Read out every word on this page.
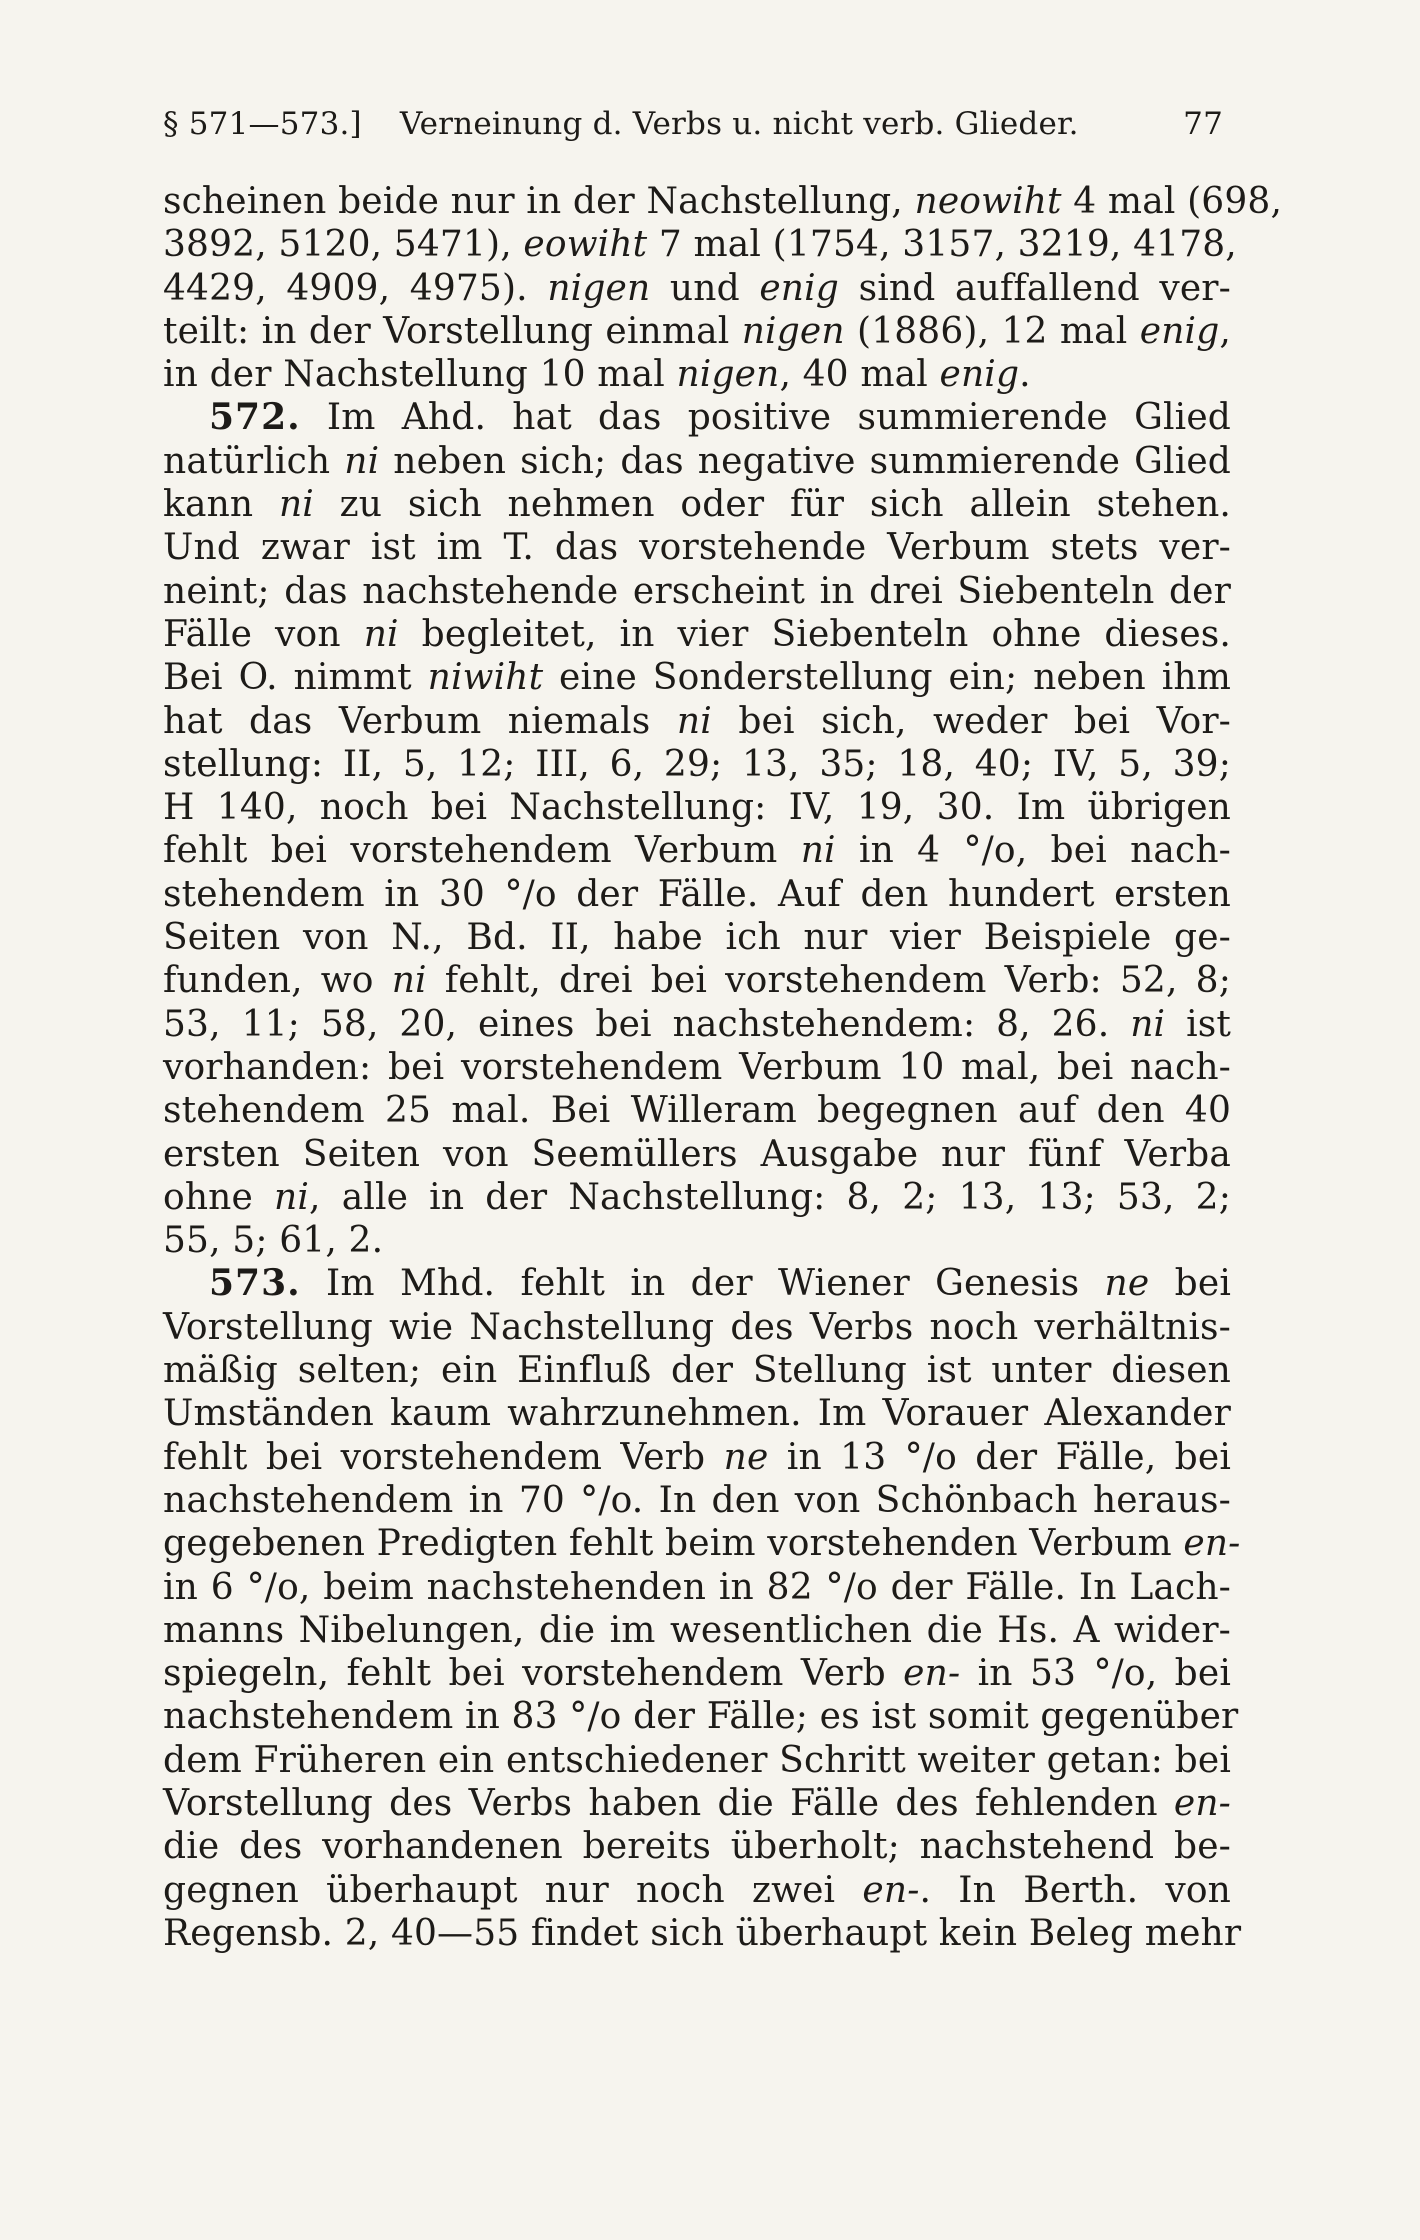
§ 571—573.]	Verneinung d. Verbs u. nicht verb. Glieder.	77
scheinen beide nur in der Nachstellung, neowiht 4 mal (698,
3892, 5120, 5471), eowiht 7 mal (1754, 3157, 3219, 4178,
4429, 4909, 4975). nigen und enig sind auffallend ver-
teilt: in der Vorstellung einmal nigen (1886), 12 mal enig,
in der Nachstellung 10 mal nigen, 40 mal enig.
572. Im Ahd. hat das positive summierende Glied
natürlich ni neben sich; das negative summierende Glied
kann ni zu sich nehmen oder für sich allein stehen.
Und zwar ist im T. das vorstehende Verbum stets ver-
neint; das nachstehende erscheint in drei Siebenteln der
Fälle von ni begleitet, in vier Siebenteln ohne dieses.
Bei O. nimmt niwiht eine Sonderstellung ein; neben ihm
hat das Verbum niemals ni bei sich, weder bei Vor-
stellung: II, 5, 12; III, 6, 29; 13, 35; 18, 40; IV, 5, 39;
H 140, noch bei Nachstellung: IV, 19, 30. Im übrigen
fehlt bei vorstehendem Verbum ni in 4 °/o, bei nach-
stehendem in 30 °/o der Fälle. Auf den hundert ersten
Seiten von N., Bd. II, habe ich nur vier Beispiele ge-
funden, wo ni fehlt, drei bei vorstehendem Verb: 52, 8;
53, 11; 58, 20, eines bei nachstehendem: 8, 26. ni ist
vorhanden: bei vorstehendem Verbum 10 mal, bei nach-
stehendem 25 mal. Bei Willeram begegnen auf den 40
ersten Seiten von Seemüllers Ausgabe nur fünf Verba
ohne ni, alle in der Nachstellung: 8, 2; 13, 13; 53, 2;
55, 5; 61, 2.
573. Im Mhd. fehlt in der Wiener Genesis ne bei
Vorstellung wie Nachstellung des Verbs noch verhältnis-
mäßig selten; ein Einfluß der Stellung ist unter diesen
Umständen kaum wahrzunehmen. Im Vorauer Alexander
fehlt bei vorstehendem Verb ne in 13 °/o der Fälle, bei
nachstehendem in 70 °/o. In den von Schönbach heraus-
gegebenen Predigten fehlt beim vorstehenden Verbum en-
in 6 °/o, beim nachstehenden in 82 °/o der Fälle. In Lach-
manns Nibelungen, die im wesentlichen die Hs. A wider-
spiegeln, fehlt bei vorstehendem Verb en- in 53 °/o, bei
nachstehendem in 83 °/o der Fälle; es ist somit gegenüber
dem Früheren ein entschiedener Schritt weiter getan: bei
Vorstellung des Verbs haben die Fälle des fehlenden en-
die des vorhandenen bereits überholt; nachstehend be-
gegnen überhaupt nur noch zwei en-. In Berth. von
Regensb. 2, 40—55 findet sich überhaupt kein Beleg mehr
